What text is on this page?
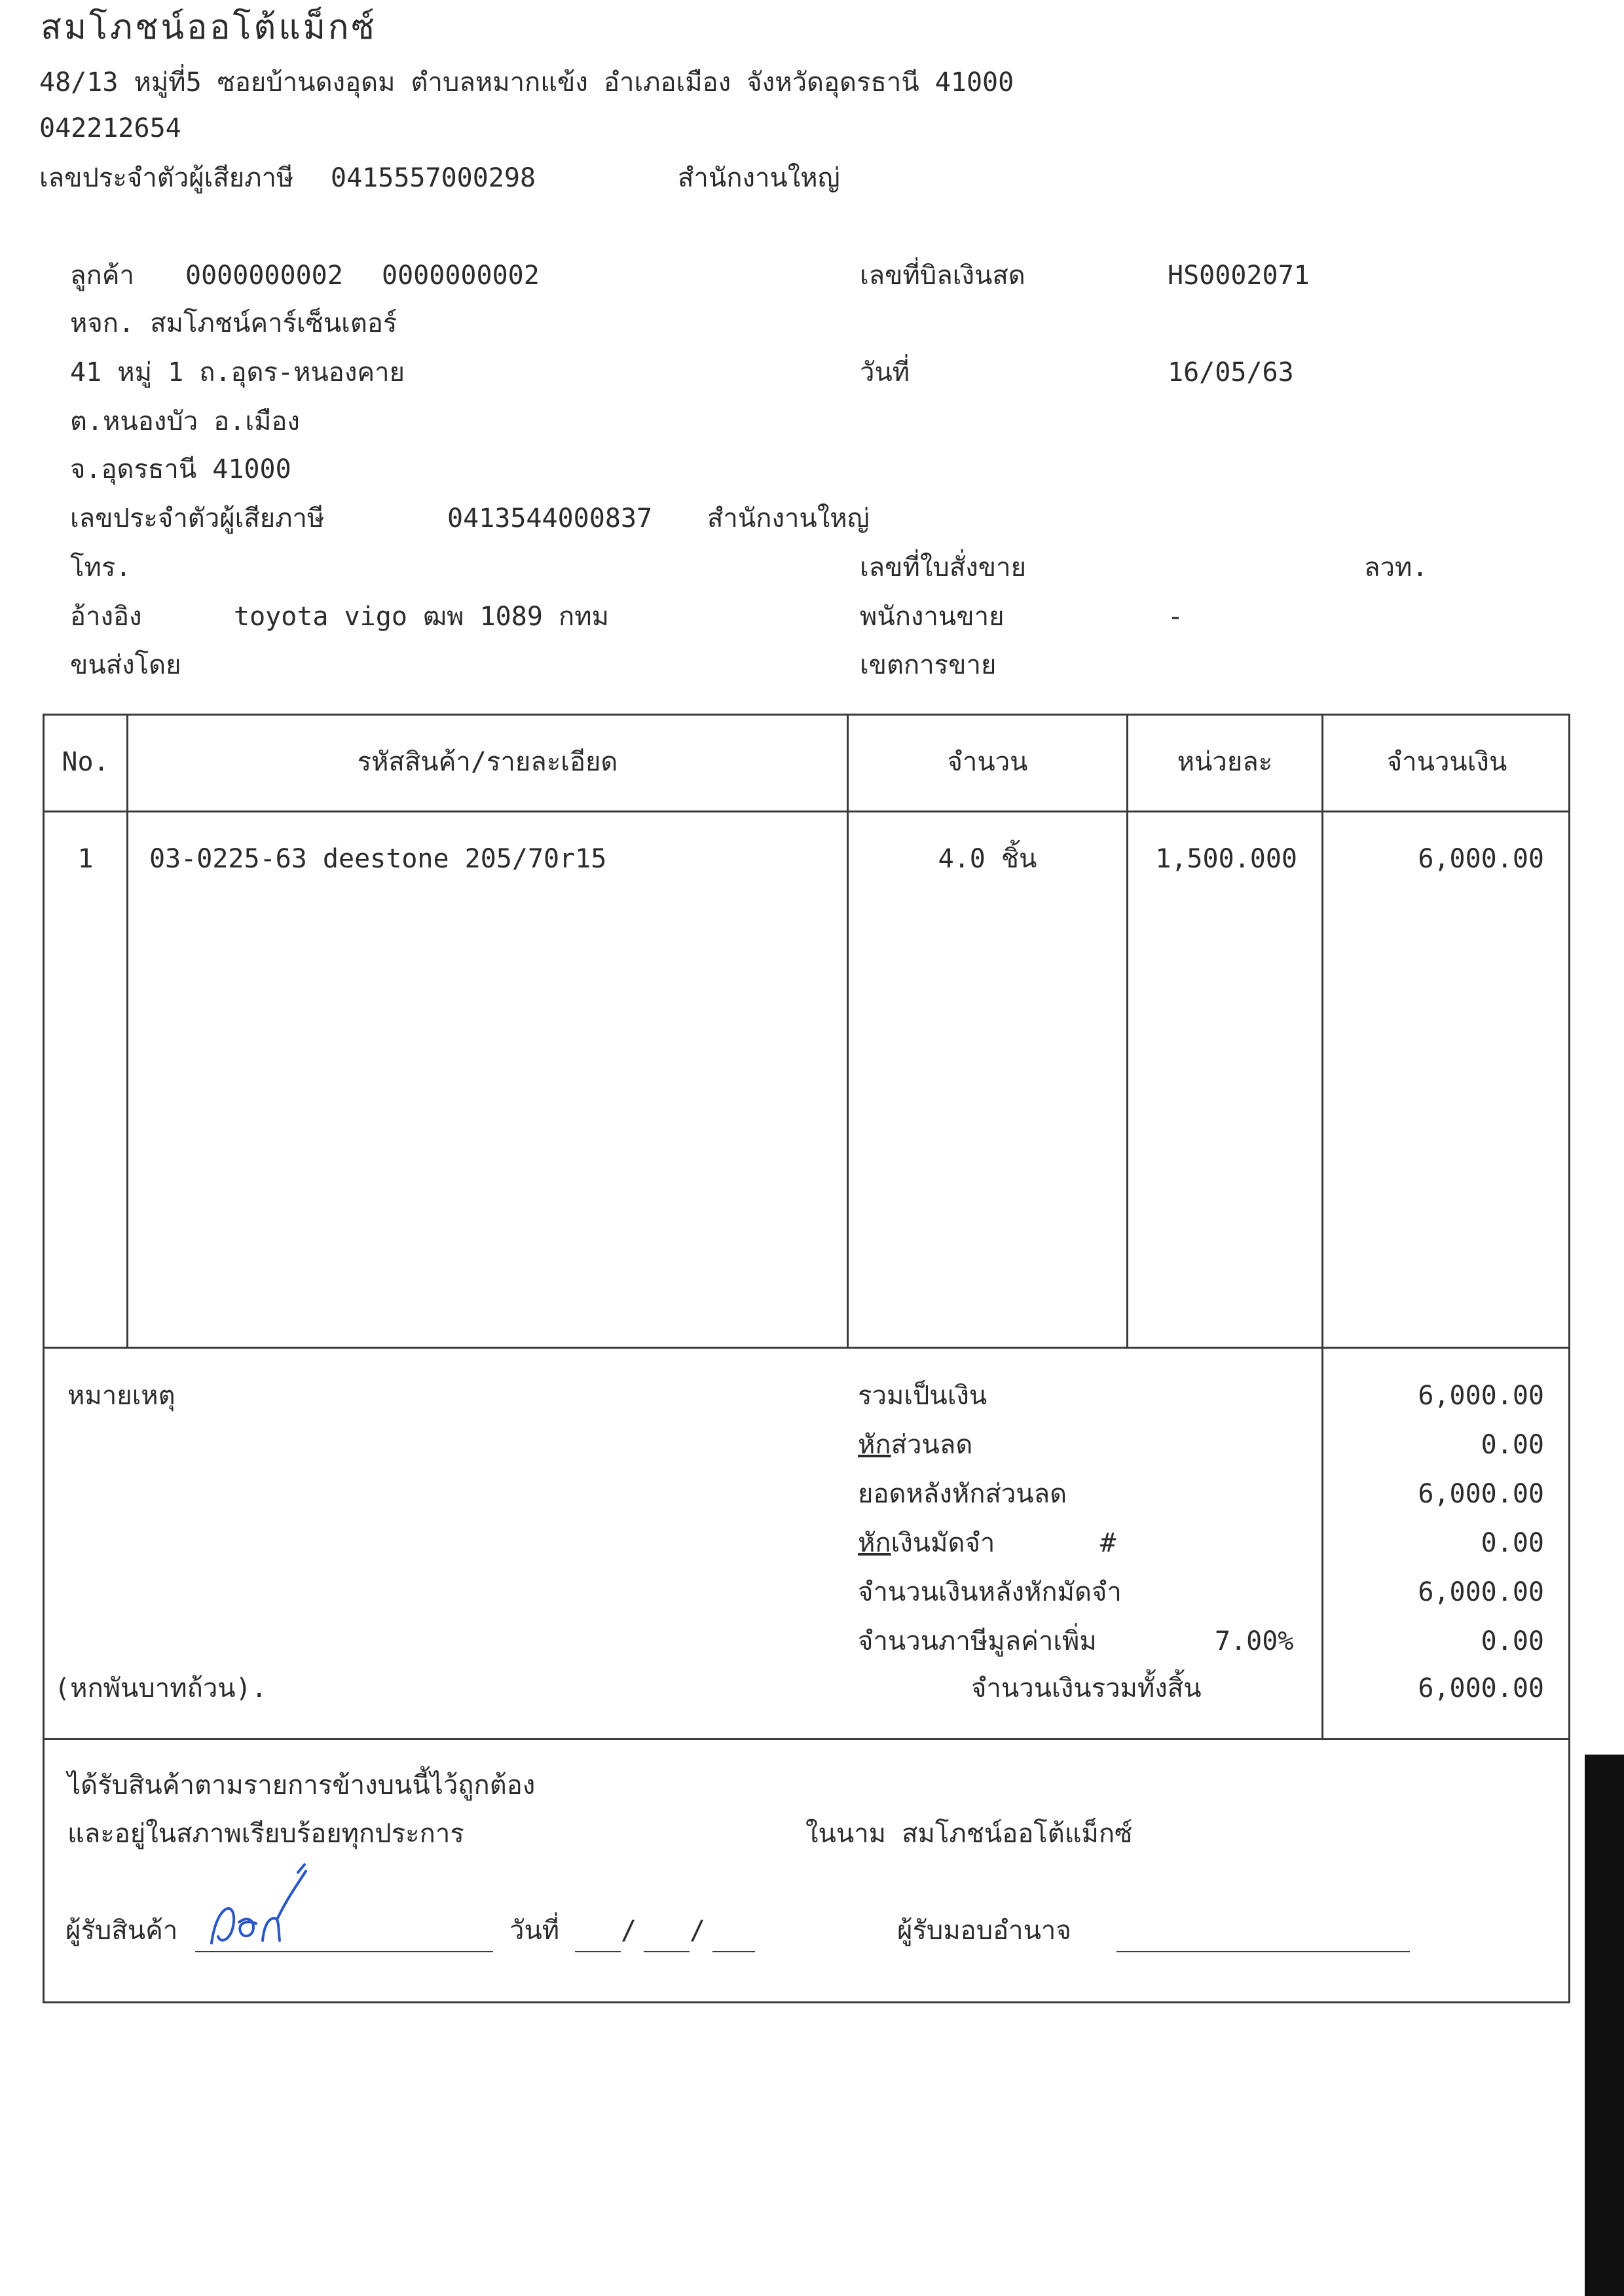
สมโภชน์ออโต้แม็กซ์
48/13 หมู่ที่5 ซอยบ้านดงอุดม ตำบลหมากแข้ง อำเภอเมือง จังหวัดอุดรธานี 41000
042212654
เลขประจำตัวผู้เสียภาษี 0415557000298	สำนักงานใหญ่
ลูกค้า 0000000002 0000000002
หจก. สมโภชน์คาร์เซ็นเตอร์
41 หมู่ 1 ถ.อุดร-หนองคาย
ต.หนองบัว อ.เมือง
จ.อุดรธานี 41000
เลขประจำตัวผู้เสียภาษี	0413544000837 สำนักงานใหญ่
โทร.
อ้างอิง	toyota vigo ฒพ 1089 กทม
ขนส่งโดย
เลขที่บิลเงินสด	HS0002071
วันที่	16/05/63
เลขที่ใบสั่งขาย	ลวท.
พนักงานขาย	-
เขตการขาย
No.	รหัสสินค้า/รายละเอียด	จำนวน	หน่วยละ	จำนวนเงิน
1	03-0225-63 deestone 205/70r15	4.0 ชิ้น	1,500.000	6,000.00
หมายเหตุ	รวมเป็นเงิน	6,000.00
หักส่วนลด	0.00
ยอดหลังหักส่วนลด	6,000.00
หักเงินมัดจำ	#	0.00
จำนวนเงินหลังหักมัดจำ	6,000.00
จำนวนภาษีมูลค่าเพิ่ม	7.00%	0.00
(หกพันบาทถ้วน).	จำนวนเงินรวมทั้งสิ้น	6,000.00
ได้รับสินค้าตามรายการข้างบนนี้ไว้ถูกต้อง
และอยู่ในสภาพเรียบร้อยทุกประการ	ในนาม สมโภชน์ออโต้แม็กซ์
ผู้รับสินค้า	วันที่ / /	ผู้รับมอบอำนาจ
